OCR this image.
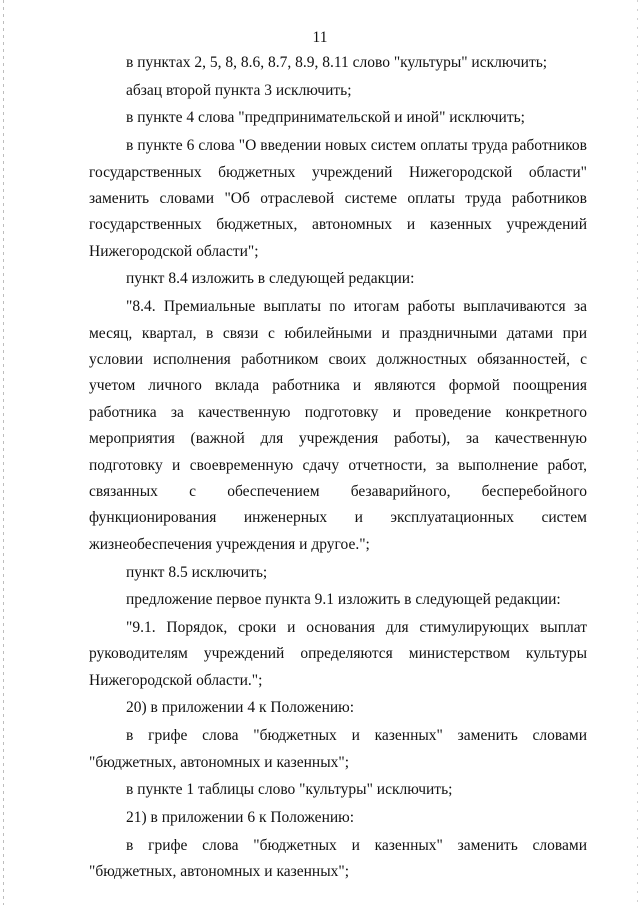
11

в пунктах 2, 5, 8, 8.6, 8.7, 8.9, 8.11 слово "культуры" исключить;

абзац второй пункта 3 исключить;

в пункте 4 слова "предпринимательской и иной" исключить;

в пункте 6 слова "О введении новых систем оплаты труда работников государственных бюджетных учреждений Нижегородской области" заменить словами "Об отраслевой системе оплаты труда работников государственных бюджетных, автономных и казенных учреждений Нижегородской области";

пункт 8.4 изложить в следующей редакции:

"8.4. Премиальные выплаты по итогам работы выплачиваются за месяц, квартал, в связи с юбилейными и праздничными датами при условии исполнения работником своих должностных обязанностей, с учетом личного вклада работника и являются формой поощрения работника за качественную подготовку и проведение конкретного мероприятия (важной для учреждения работы), за качественную подготовку и своевременную сдачу отчетности, за выполнение работ, связанных с обеспечением безаварийного, бесперебойного функционирования инженерных и эксплуатационных систем жизнеобеспечения учреждения и другое.";

пункт 8.5 исключить;

предложение первое пункта 9.1 изложить в следующей редакции:

"9.1. Порядок, сроки и основания для стимулирующих выплат руководителям учреждений определяются министерством культуры Нижегородской области.";

20) в приложении 4 к Положению:

в грифе слова "бюджетных и казенных" заменить словами "бюджетных, автономных и казенных";

в пункте 1 таблицы слово "культуры" исключить;

21) в приложении 6 к Положению:

в грифе слова "бюджетных и казенных" заменить словами "бюджетных, автономных и казенных";
